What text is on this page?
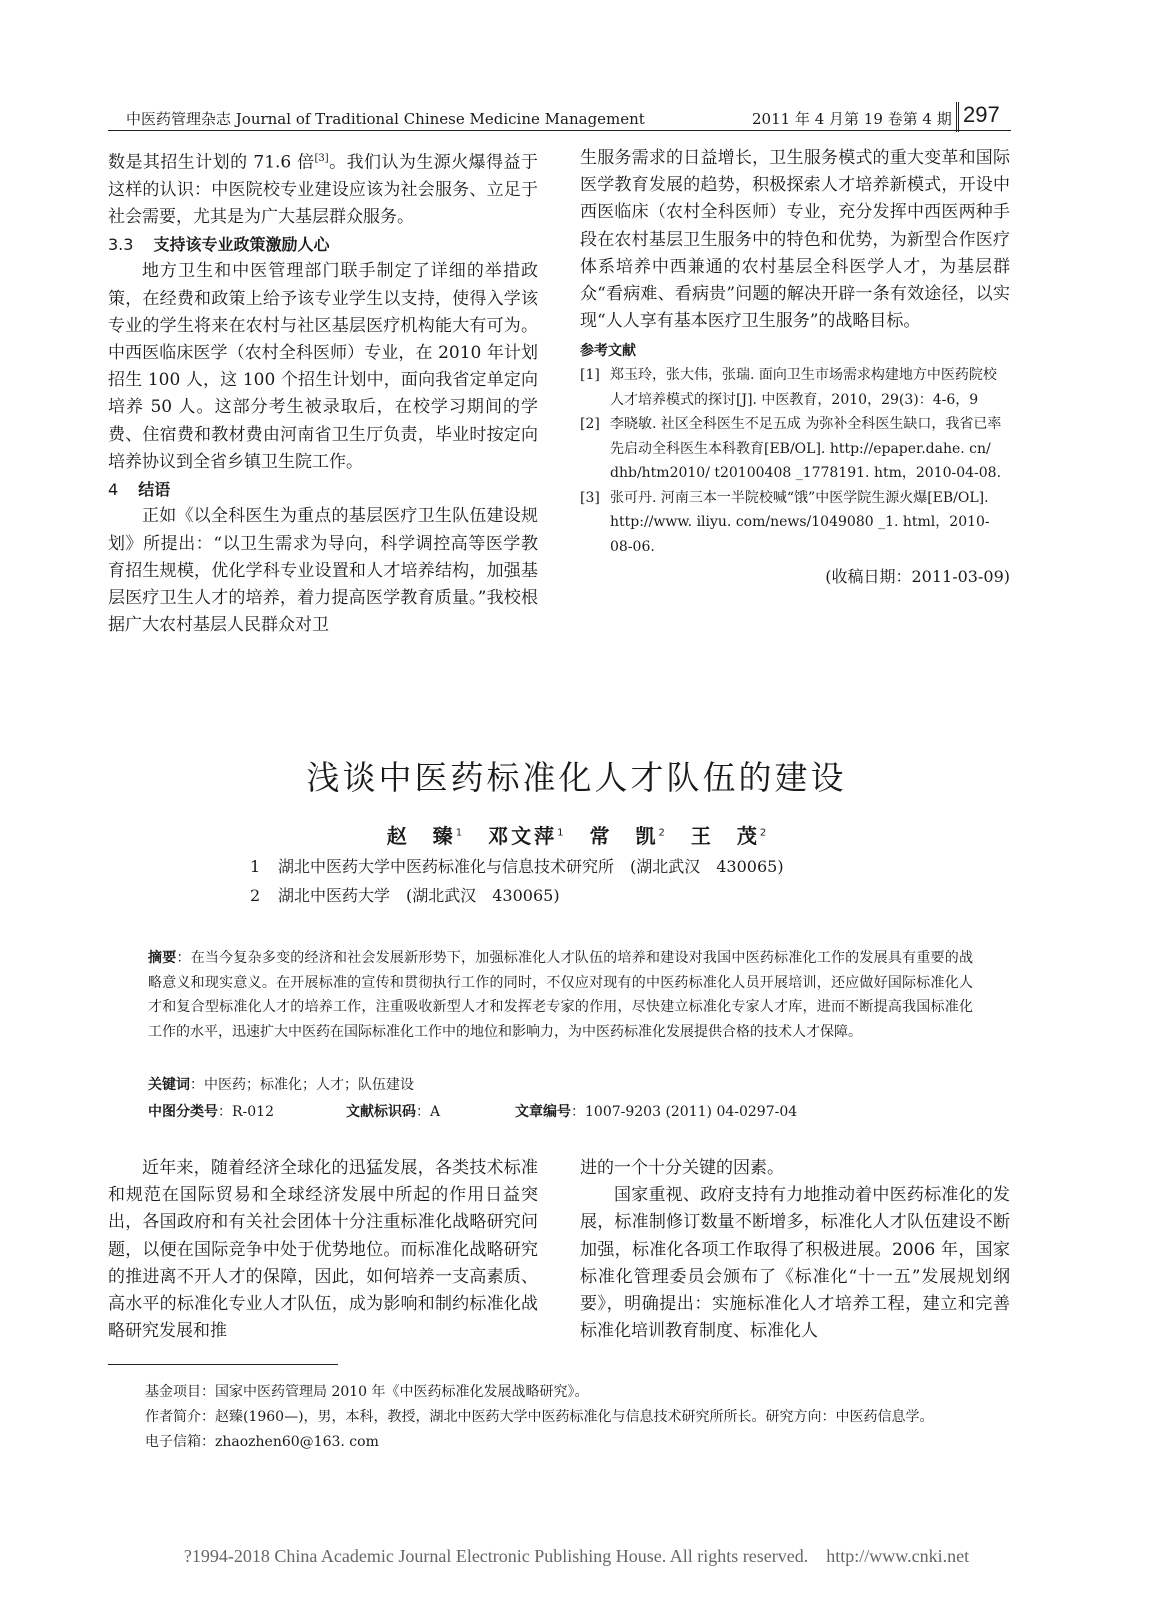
中医药管理杂志 Journal of Traditional Chinese Medicine Management	2011 年 4 月第 19 卷第 4 期 297

数是其招生计划的 71.6 倍[3]。我们认为生源火爆得益于这样的认识：中医院校专业建设应该为社会服务、立足于社会需要，尤其是为广大基层群众服务。

3.3 支持该专业政策激励人心

地方卫生和中医管理部门联手制定了详细的举措政策，在经费和政策上给予该专业学生以支持，使得入学该专业的学生将来在农村与社区基层医疗机构能大有可为。中西医临床医学（农村全科医师）专业，在 2010 年计划招生 100 人，这 100 个招生计划中，面向我省定单定向培养 50 人。这部分考生被录取后，在校学习期间的学费、住宿费和教材费由河南省卫生厅负责，毕业时按定向培养协议到全省乡镇卫生院工作。

4 结语

正如《以全科医生为重点的基层医疗卫生队伍建设规划》所提出：“以卫生需求为导向，科学调控高等医学教育招生规模，优化学科专业设置和人才培养结构，加强基层医疗卫生人才的培养，着力提高医学教育质量。”我校根据广大农村基层人民群众对卫

生服务需求的日益增长，卫生服务模式的重大变革和国际医学教育发展的趋势，积极探索人才培养新模式，开设中西医临床（农村全科医师）专业，充分发挥中西医两种手段在农村基层卫生服务中的特色和优势，为新型合作医疗体系培养中西兼通的农村基层全科医学人才，为基层群众“看病难、看病贵”问题的解决开辟一条有效途径，以实现“人人享有基本医疗卫生服务”的战略目标。

参考文献
[1] 郑玉玲，张大伟，张瑞. 面向卫生市场需求构建地方中医药院校人才培养模式的探讨[J]. 中医教育，2010，29(3)：4-6，9
[2] 李晓敏. 社区全科医生不足五成 为弥补全科医生缺口，我省已率先启动全科医生本科教育[EB/OL]. http://epaper.dahe. cn/ dhb/htm2010/ t20100408 _1778191. htm，2010-04-08.
[3] 张可丹. 河南三本一半院校喊“饿”中医学院生源火爆[EB/OL]. http://www. iliyu. com/news/1049080 _1. html，2010-08-06.
(收稿日期：2011-03-09)
浅谈中医药标准化人才队伍的建设
赵　臻$^1$ 邓文萍$^1$ 常　凯$^2$ 王　茂$^2$
1 湖北中医药大学中医药标准化与信息技术研究所　(湖北武汉　430065)
2 湖北中医药大学　(湖北武汉　430065)
摘要：在当今复杂多变的经济和社会发展新形势下，加强标准化人才队伍的培养和建设对我国中医药标准化工作的发展具有重要的战略意义和现实意义。在开展标准的宣传和贯彻执行工作的同时，不仅应对现有的中医药标准化人员开展培训，还应做好国际标准化人才和复合型标准化人才的培养工作，注重吸收新型人才和发挥老专家的作用，尽快建立标准化专家人才库，进而不断提高我国标准化工作的水平，迅速扩大中医药在国际标准化工作中的地位和影响力，为中医药标准化发展提供合格的技术人才保障。
关键词：中医药；标准化；人才；队伍建设
中图分类号：R-012	文献标识码：A	文章编号：1007-9203 (2011) 04-0297-04

近年来，随着经济全球化的迅猛发展，各类技术标准和规范在国际贸易和全球经济发展中所起的作用日益突出，各国政府和有关社会团体十分注重标准化战略研究问题，以便在国际竞争中处于优势地位。而标准化战略研究的推进离不开人才的保障，因此，如何培养一支高素质、高水平的标准化专业人才队伍，成为影响和制约标准化战略研究发展和推

进的一个十分关键的因素。

国家重视、政府支持有力地推动着中医药标准化的发展，标准制修订数量不断增多，标准化人才队伍建设不断加强，标准化各项工作取得了积极进展。2006 年，国家标准化管理委员会颁布了《标准化“十一五”发展规划纲要》，明确提出：实施标准化人才培养工程，建立和完善标准化培训教育制度、标准化人

基金项目：国家中医药管理局 2010 年《中医药标准化发展战略研究》。
作者简介：赵臻(1960—)，男，本科，教授，湖北中医药大学中医药标准化与信息技术研究所所长。研究方向：中医药信息学。
电子信箱：zhaozhen60@163. com
?1994-2018 China Academic Journal Electronic Publishing House. All rights reserved.　http://www.cnki.net
